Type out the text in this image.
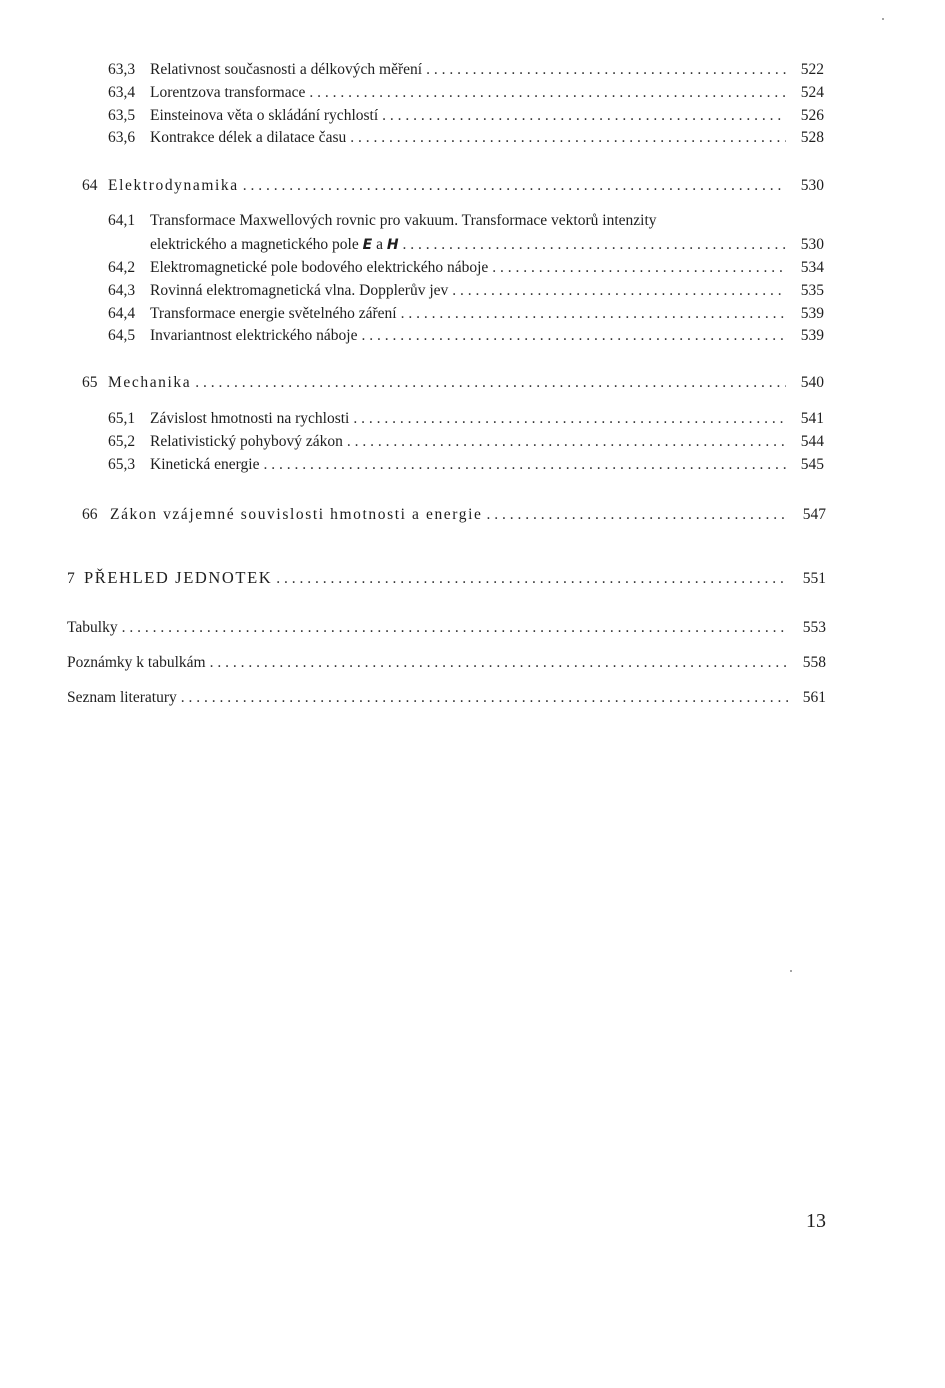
63,3 Relativnost současnosti a délkových měření . . .	522
63,4 Lorentzova transformace . . .	524
63,5 Einsteinova věta o skládání rychlostí . . .	526
63,6 Kontrakce délek a dilatace času . . .	528
64 Elektrodynamika . . .	530
64,1 Transformace Maxwellových rovnic pro vakuum. Transformace vektorů intenzity
elektrického a magnetického pole E a H . . .	530
64,2 Elektromagnetické pole bodového elektrického náboje . . .	534
64,3 Rovinná elektromagnetická vlna. Dopplerův jev . . .	535
64,4 Transformace energie světelného záření . . .	539
64,5 Invariantnost elektrického náboje . . .	539
65 Mechanika . . .	540
65,1 Závislost hmotnosti na rychlosti . . .	541
65,2 Relativistický pohybový zákon . . .	544
65,3 Kinetická energie . . .	545
66 Zákon vzájemné souvislosti hmotnosti a energie . . .	547
7 PŘEHLED JEDNOTEK . . .	551
Tabulky . . .	553
Poznámky k tabulkám . . .	558
Seznam literatury . . .	561
13
